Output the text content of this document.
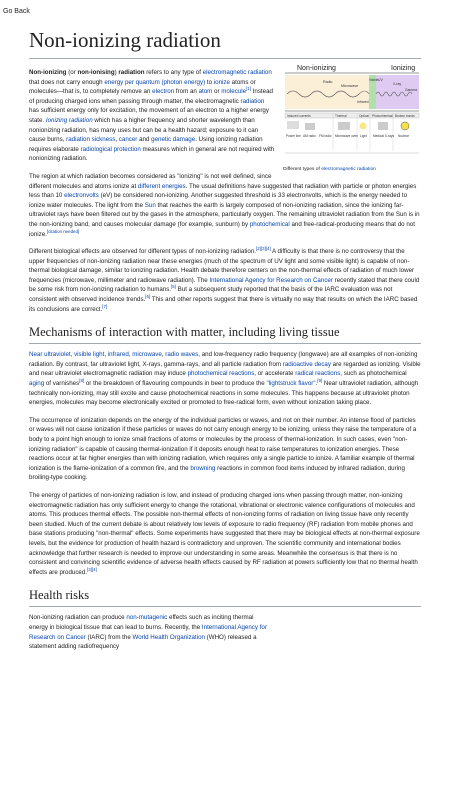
Go Back
Non-ionizing radiation
Non-ionizing	Ionizing
Radio
Microwave
Infrared
Visible UV
X-ray
Gamma
Induced currents	Thermal	Optical Photochemical Broken bonds
Power line AM radio FM radio Microwave oven Light Medical X-rays Nuclear
Different types of electromagnetic radiation

Non-ionizing (or non-ionising) radiation refers to any type of electromagnetic radiation that does not carry enough energy per quantum (photon energy) to ionize atoms or molecules—that is, to completely remove an electron from an atom or molecule[1] Instead of producing charged ions when passing through matter, the electromagnetic radiation has sufficient energy only for excitation, the movement of an electron to a higher energy state. Ionizing radiation which has a higher frequency and shorter wavelength than nonionizing radiation, has many uses but can be a health hazard; exposure to it can cause burns, radiation sickness, cancer and genetic damage. Using ionizing radiation requires elaborate radiological protection measures which in general are not required with nonionizing radiation.

The region at which radiation becomes considered as "ionizing" is not well defined, since different molecules and atoms ionize at different energies. The usual definitions have suggested that radiation with particle or photon energies less than 10 electronvolts (eV) be considered non-ionizing. Another suggested threshold is 33 electronvolts, which is the energy needed to ionize water molecules. The light from the Sun that reaches the earth is largely composed of non-ionizing radiation, since the ionizing far-ultraviolet rays have been filtered out by the gases in the atmosphere, particularly oxygen. The remaining ultraviolet radiation from the Sun is in the non-ionizing band, and causes molecular damage (for example, sunburn) by photochemical and free-radical-producing means that do not ionize.[citation needed]

Different biological effects are observed for different types of non-ionizing radiation.[2][3][4] A difficulty is that there is no controversy that the upper frequencies of non-ionizing radiation near these energies (much of the spectrum of UV light and some visible light) is capable of non-thermal biological damage, similar to ionizing radiation. Health debate therefore centers on the non-thermal effects of radiation of much lower frequencies (microwave, millimeter and radiowave radiation). The International Agency for Research on Cancer recently stated that there could be some risk from non-ionizing radiation to humans.[5] But a subsequent study reported that the basis of the IARC evaluation was not consistent with observed incidence trends.[6] This and other reports suggest that there is virtually no way that results on which the IARC based its conclusions are correct.[7]

Mechanisms of interaction with matter, including living tissue

Near ultraviolet, visible light, infrared, microwave, radio waves, and low-frequency radio frequency (longwave) are all examples of non-ionizing radiation. By contrast, far ultraviolet light, X-rays, gamma-rays, and all particle radiation from radioactive decay are regarded as ionizing. Visible and near ultraviolet electromagnetic radiation may induce photochemical reactions, or accelerate radical reactions, such as photochemical aging of varnishes[8] or the breakdown of flavouring compounds in beer to produce the "lightstruck flavor".[9] Near ultraviolet radiation, although technically non-ionizing, may still excite and cause photochemical reactions in some molecules. This happens because at ultraviolet photon energies, molecules may become electronically excited or promoted to free-radical form, even without ionization taking place.

The occurrence of ionization depends on the energy of the individual particles or waves, and not on their number. An intense flood of particles or waves will not cause ionization if these particles or waves do not carry enough energy to be ionizing, unless they raise the temperature of a body to a point high enough to ionize small fractions of atoms or molecules by the process of thermal-ionization. In such cases, even "non-ionizing radiation" is capable of causing thermal-ionization if it deposits enough heat to raise temperatures to ionization energies. These reactions occur at far higher energies than with ionizing radiation, which requires only a single particle to ionize. A familiar example of thermal ionization is the flame-ionization of a common fire, and the browning reactions in common food items induced by infrared radiation, during broiling-type cooking.

The energy of particles of non-ionizing radiation is low, and instead of producing charged ions when passing through matter, non-ionizing electromagnetic radiation has only sufficient energy to change the rotational, vibrational or electronic valence configurations of molecules and atoms. This produces thermal effects. The possible non-thermal effects of non-ionizing forms of radiation on living tissue have only recently been studied. Much of the current debate is about relatively low levels of exposure to radio frequency (RF) radiation from mobile phones and base stations producing "non-thermal" effects. Some experiments have suggested that there may be biological effects at non-thermal exposure levels, but the evidence for production of health hazard is contradictory and unproven. The scientific community and international bodies acknowledge that further research is needed to improve our understanding in some areas. Meanwhile the consensus is that there is no consistent and convincing scientific evidence of adverse health effects caused by RF radiation at powers sufficiently low that no thermal health effects are produced.[3][4]

Health risks

Non-ionizing radiation can produce non-mutagenic effects such as inciting thermal energy in biological tissue that can lead to burns. Recently, the International Agency for Research on Cancer (IARC) from the World Health Organization (WHO) released a statement adding radiofrequency
